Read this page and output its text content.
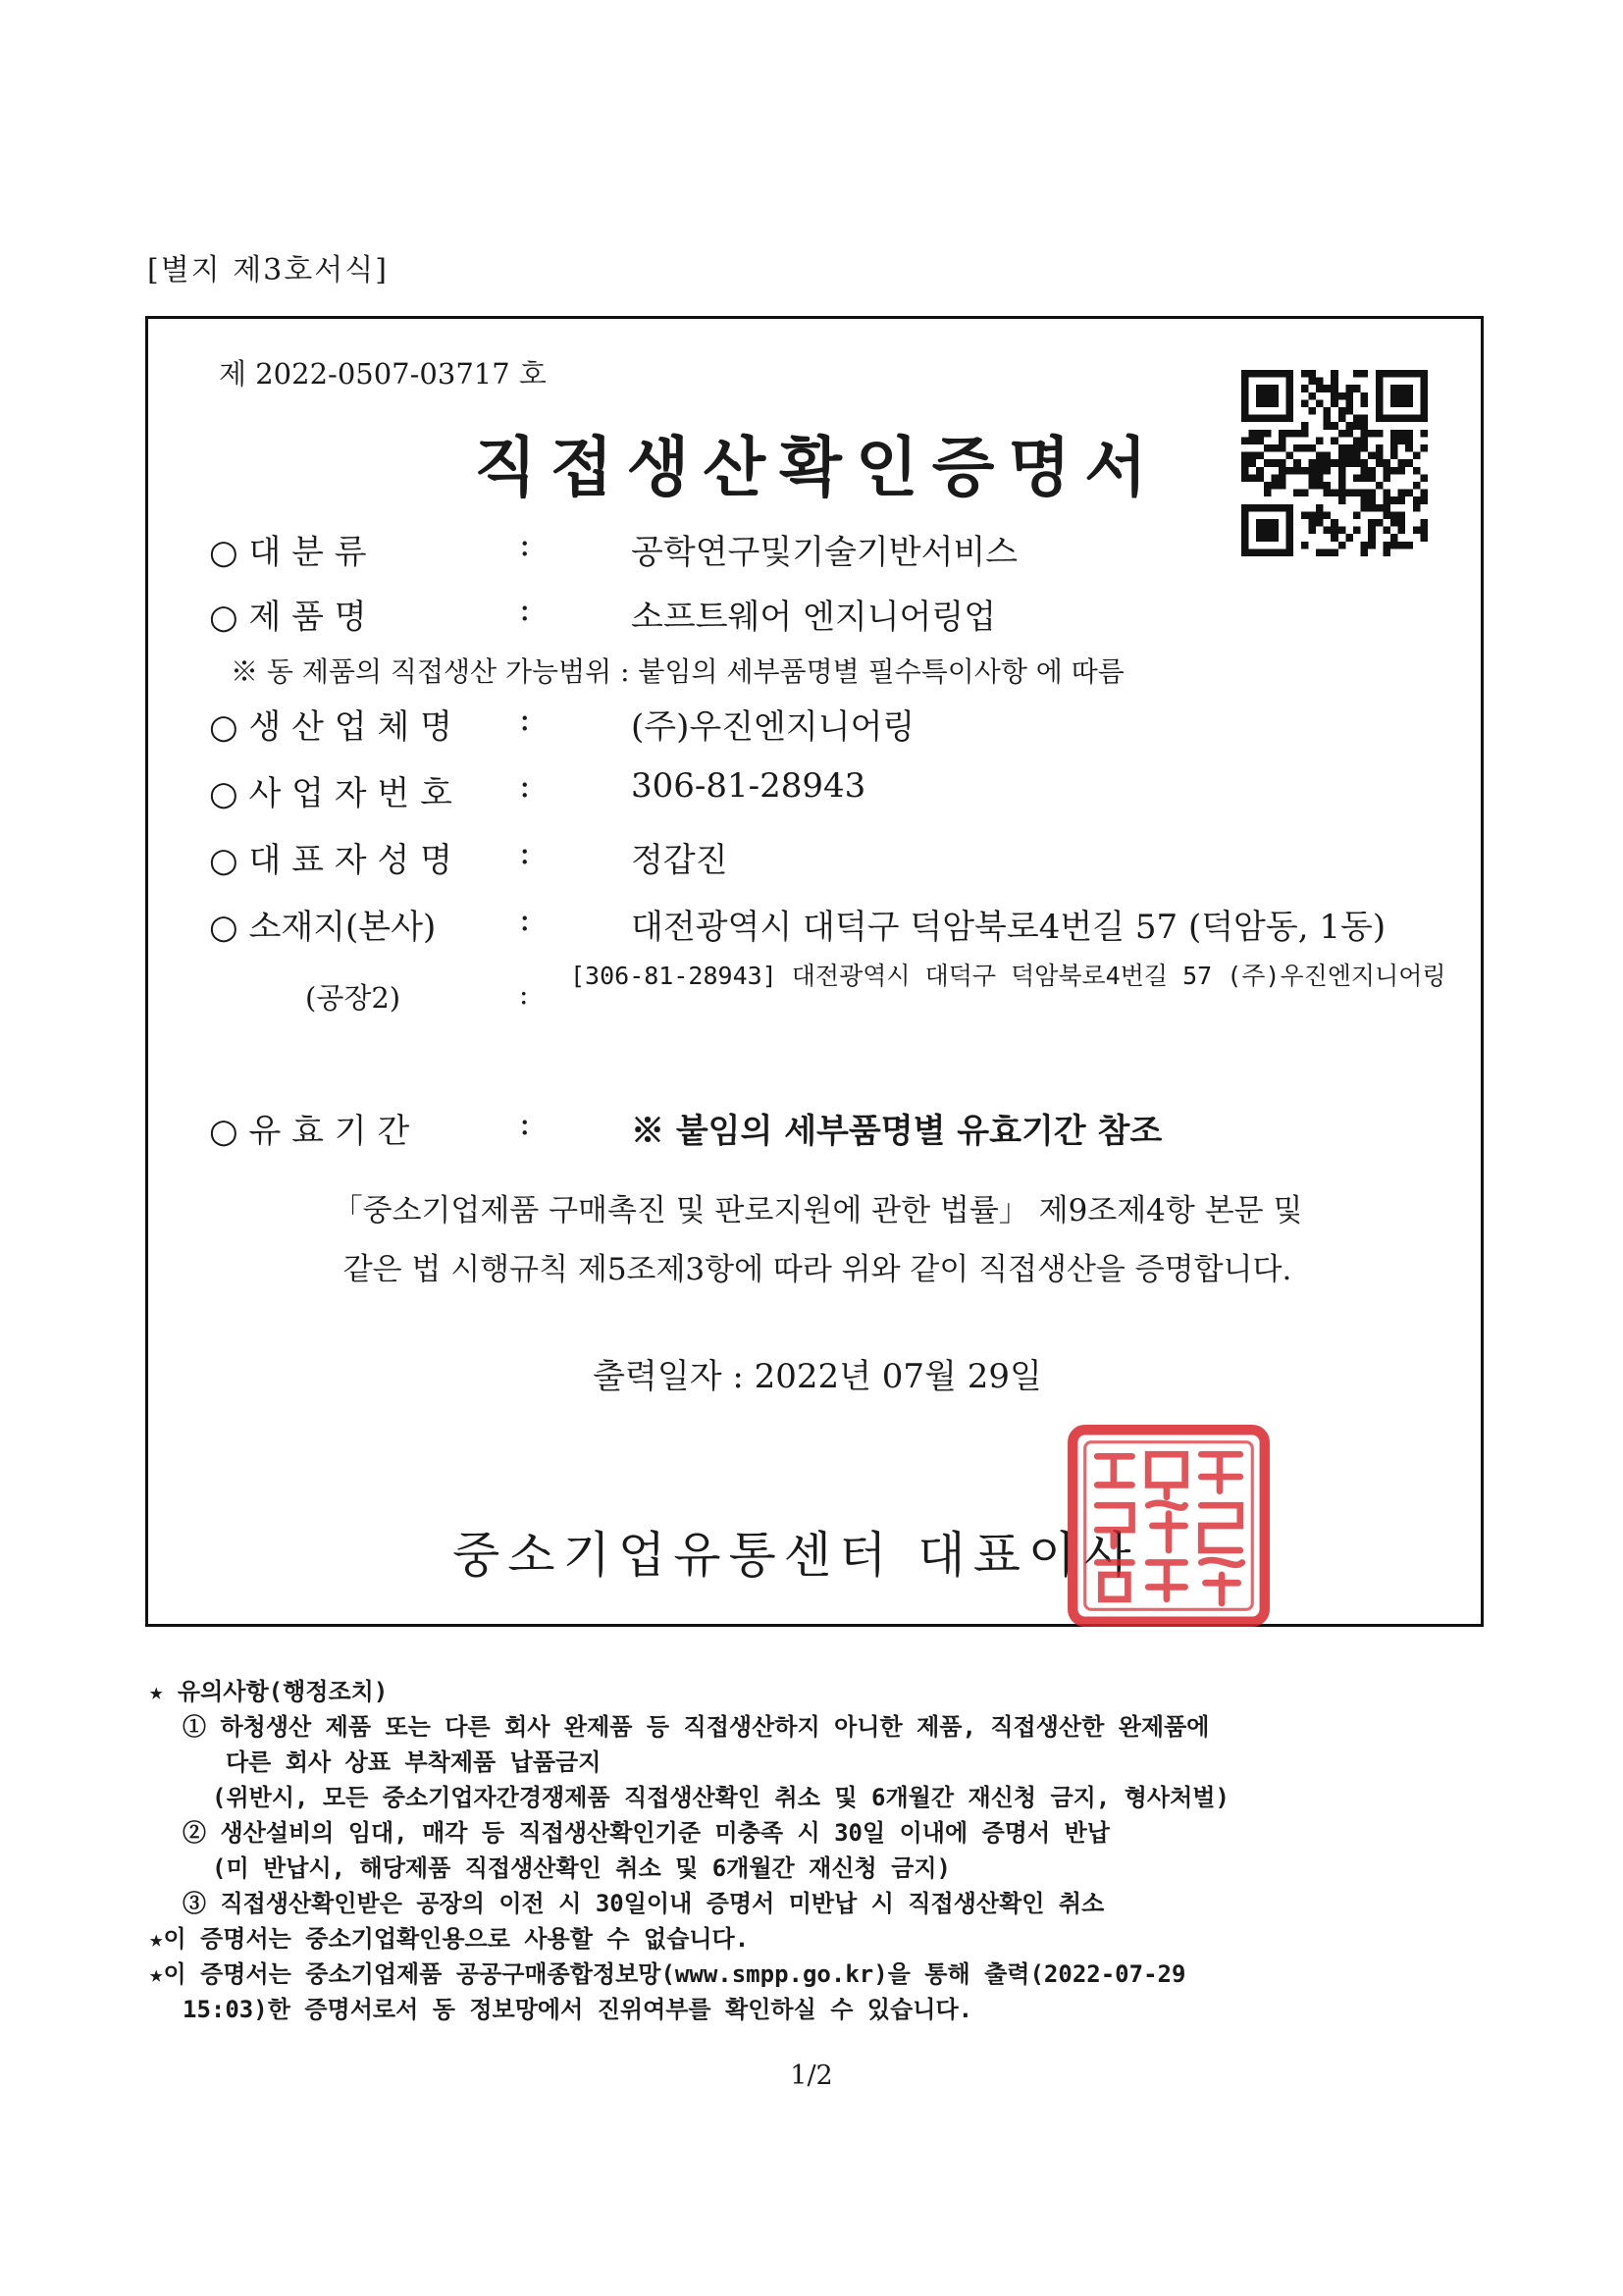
[별지 제3호서식]
제 2022-0507-03717 호
직접생산확인증명서
○ 대 분 류	:	공학연구및기술기반서비스
○ 제 품 명	:	소프트웨어 엔지니어링업
※ 동 제품의 직접생산 가능범위 : 붙임의 세부품명별 필수특이사항 에 따름
○ 생 산 업 체 명 :	(주)우진엔지니어링
○ 사 업 자 번 호 :	306-81-28943
○ 대 표 자 성 명 :	정갑진
○ 소재지(본사) :	대전광역시 대덕구 덕암북로4번길 57 (덕암동, 1동)
(공장2)	:
[306-81-28943] 대전광역시 대덕구 덕암북로4번길 57 (주)우진엔지니어링
○ 유 효 기 간	:	※ 붙임의 세부품명별 유효기간 참조
「중소기업제품 구매촉진 및 판로지원에 관한 법률」 제9조제4항 본문 및
같은 법 시행규칙 제5조제3항에 따라 위와 같이 직접생산을 증명합니다.
출력일자 : 2022년 07월 29일
중소기업유통센터 대표이사
★ 유의사항(행정조치)
① 하청생산 제품 또는 다른 회사 완제품 등 직접생산하지 아니한 제품, 직접생산한 완제품에
다른 회사 상표 부착제품 납품금지
(위반시, 모든 중소기업자간경쟁제품 직접생산확인 취소 및 6개월간 재신청 금지, 형사처벌)
② 생산설비의 임대, 매각 등 직접생산확인기준 미충족 시 30일 이내에 증명서 반납
(미 반납시, 해당제품 직접생산확인 취소 및 6개월간 재신청 금지)
③ 직접생산확인받은 공장의 이전 시 30일이내 증명서 미반납 시 직접생산확인 취소
★이 증명서는 중소기업확인용으로 사용할 수 없습니다.
★이 증명서는 중소기업제품 공공구매종합정보망(www.smpp.go.kr)을 통해 출력(2022-07-29
15:03)한 증명서로서 동 정보망에서 진위여부를 확인하실 수 있습니다.
1/2
